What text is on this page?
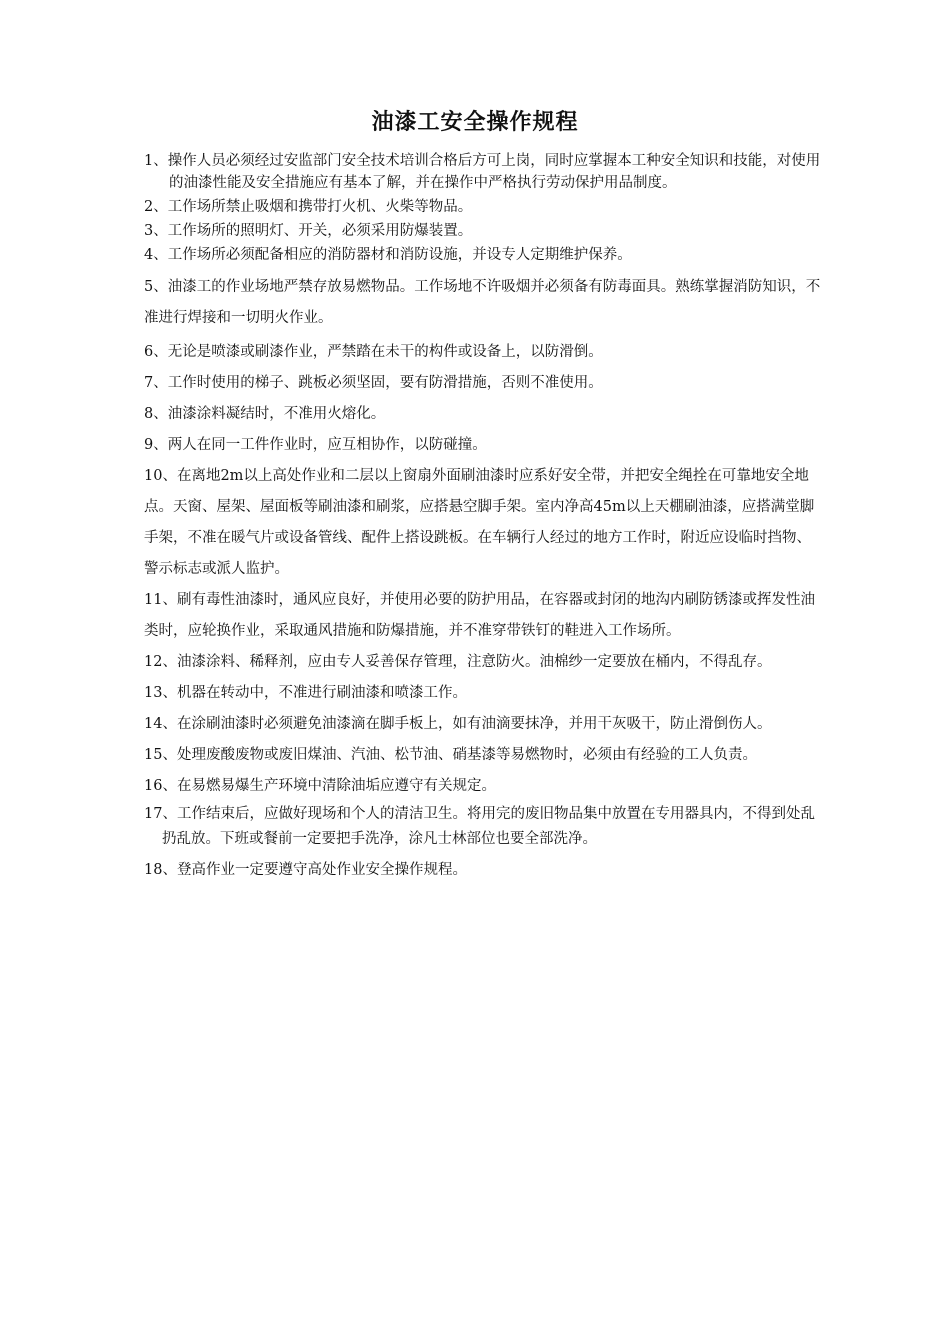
油漆工安全操作规程

1、操作人员必须经过安监部门安全技术培训合格后方可上岗，同时应掌握本工种安全知识和技能，对使用的油漆性能及安全措施应有基本了解，并在操作中严格执行劳动保护用品制度。

2、工作场所禁止吸烟和携带打火机、火柴等物品。

3、工作场所的照明灯、开关，必须采用防爆装置。

4、工作场所必须配备相应的消防器材和消防设施，并设专人定期维护保养。

5、油漆工的作业场地严禁存放易燃物品。工作场地不许吸烟并必须备有防毒面具。熟练掌握消防知识，不准进行焊接和一切明火作业。

6、无论是喷漆或刷漆作业，严禁踏在未干的构件或设备上，以防滑倒。

7、工作时使用的梯子、跳板必须坚固，要有防滑措施，否则不准使用。

8、油漆涂料凝结时，不准用火熔化。

9、两人在同一工件作业时，应互相协作，以防碰撞。

10、在离地2m以上高处作业和二层以上窗扇外面刷油漆时应系好安全带，并把安全绳拴在可靠地安全地点。天窗、屋架、屋面板等刷油漆和刷浆，应搭悬空脚手架。室内净高45m以上天棚刷油漆，应搭满堂脚手架，不准在暖气片或设备管线、配件上搭设跳板。在车辆行人经过的地方工作时，附近应设临时挡物、警示标志或派人监护。

11、刷有毒性油漆时，通风应良好，并使用必要的防护用品，在容器或封闭的地沟内刷防锈漆或挥发性油类时，应轮换作业，采取通风措施和防爆措施，并不准穿带铁钉的鞋进入工作场所。

12、油漆涂料、稀释剂，应由专人妥善保存管理，注意防火。油棉纱一定要放在桶内，不得乱存。

13、机器在转动中，不准进行刷油漆和喷漆工作。

14、在涂刷油漆时必须避免油漆滴在脚手板上，如有油滴要抹净，并用干灰吸干，防止滑倒伤人。

15、处理废酸废物或废旧煤油、汽油、松节油、硝基漆等易燃物时，必须由有经验的工人负责。

16、在易燃易爆生产环境中清除油垢应遵守有关规定。

17、工作结束后，应做好现场和个人的清洁卫生。将用完的废旧物品集中放置在专用器具内，不得到处乱扔乱放。下班或餐前一定要把手洗净，涂凡士林部位也要全部洗净。

18、登高作业一定要遵守高处作业安全操作规程。
